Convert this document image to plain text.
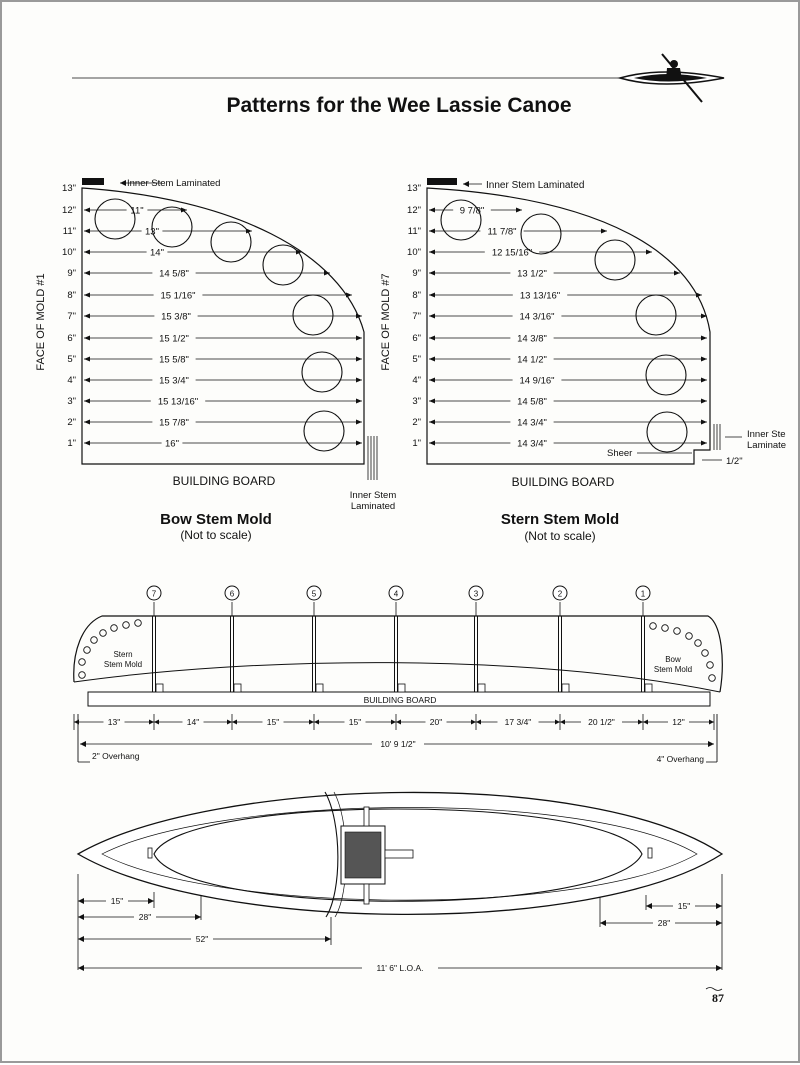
Patterns for the Wee Lassie Canoe
Inner Stem Laminated
FACE OF MOLD #1
1"	16"
2"	15 7/8"
3"	15 13/16"
4"	15 3/4"
5"	15 5/8"
6"	15 1/2"
7"	15 3/8"
8"	15 1/16"
9"	14 5/8"
10"	14"
11"	13"
12"	11"
13"
Inner Stem
Laminated
BUILDING BOARD
Bow Stem Mold
(Not to scale)
Inner Stem Laminated
FACE OF MOLD #7
1"	14 3/4"
2"	14 3/4"
3"	14 5/8"
4"	14 9/16"
5"	14 1/2"
6"	14 3/8"
7"	14 3/16"
8"	13 13/16"
9"	13 1/2"
10"	12 15/16"
11"	11 7/8"
12"	9 7/8"
13"
Inner Ste
Laminate
Sheer
1/2"
BUILDING BOARD
Stern Stem Mold
(Not to scale)
BUILDING BOARD
7	6	5	4	3	2	1
Stern
Stem Mold
Bow
Stem Mold
13"	14"	15"	15"	20"	17 3/4"	20 1/2"	12"
10' 9 1/2"
2" Overhang	4" Overhang
15"
28"
52"
15"
28"
11' 6" L.O.A.
87
